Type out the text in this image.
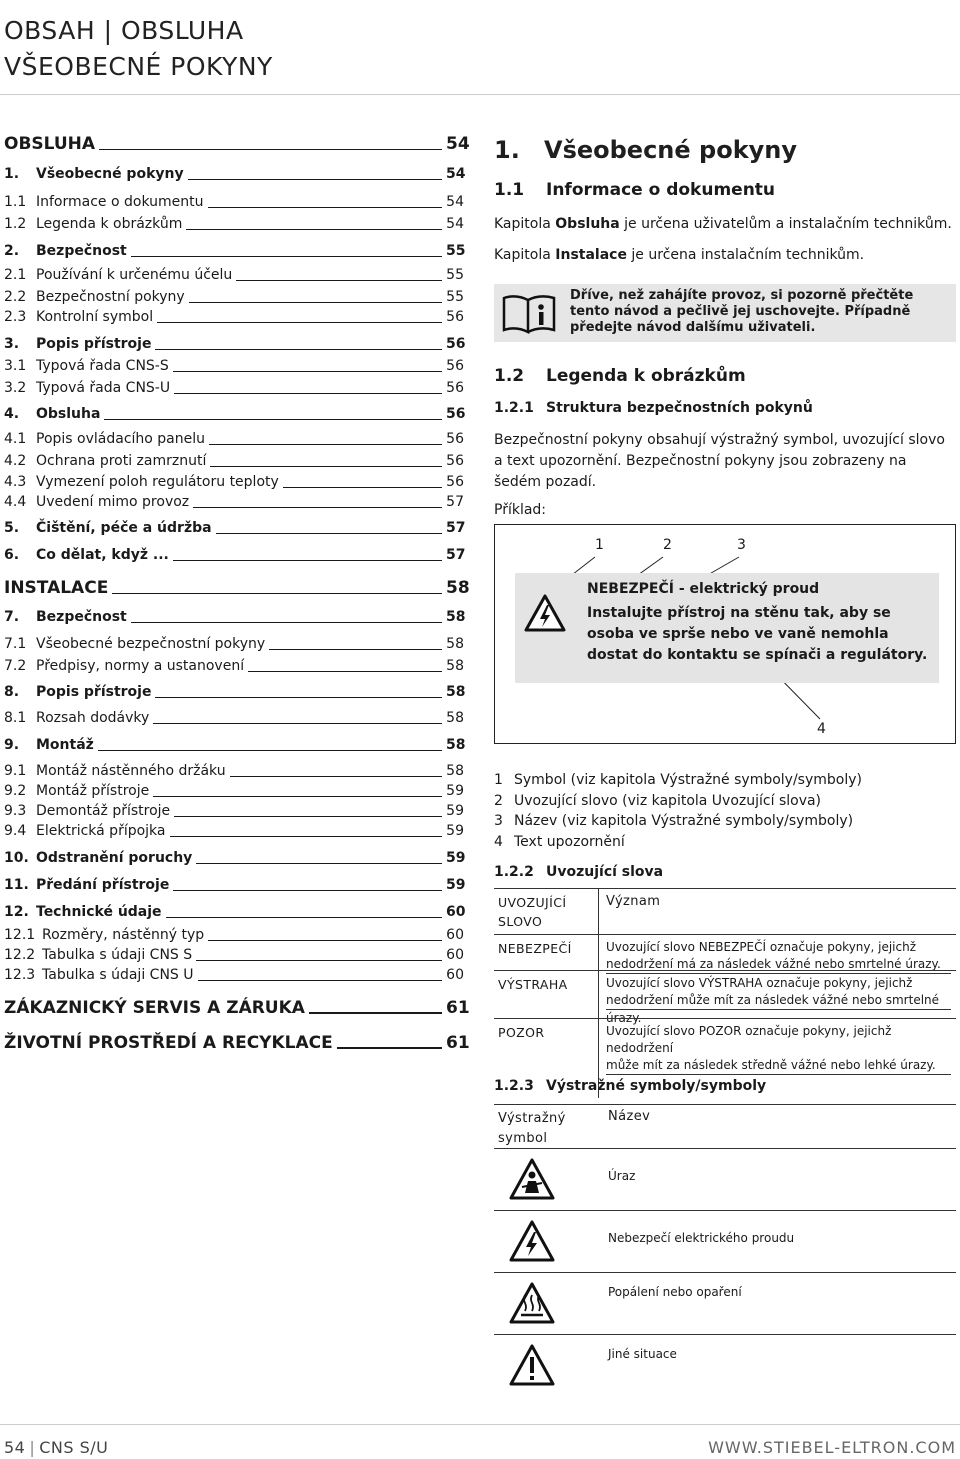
OBSAH | OBSLUHA
VŠEOBECNÉ POKYNY
OBSLUHA	54
1.	Všeobecné pokyny	54
1.1 Informace o dokumentu	54
1.2 Legenda k obrázkům	54
2.	Bezpečnost	55
2.1 Používání k určenému účelu	55
2.2 Bezpečnostní pokyny	55
2.3 Kontrolní symbol	56
3.	Popis přístroje	56
3.1 Typová řada CNS-S	56
3.2 Typová řada CNS-U	56
4.	Obsluha	56
4.1 Popis ovládacího panelu	56
4.2 Ochrana proti zamrznutí	56
4.3 Vymezení poloh regulátoru teploty	56
4.4 Uvedení mimo provoz	57
5.	Čištění, péče a údržba	57
6.	Co dělat, když ...	57
INSTALACE	58
7.	Bezpečnost	58
7.1 Všeobecné bezpečnostní pokyny	58
7.2 Předpisy, normy a ustanovení	58
8.	Popis přístroje	58
8.1 Rozsah dodávky	58
9.	Montáž	58
9.1 Montáž nástěnného držáku	58
9.2 Montáž přístroje	59
9.3 Demontáž přístroje	59
9.4 Elektrická přípojka	59
10. Odstranění poruchy	59
11. Předání přístroje	59
12. Technické údaje	60
12.1 Rozměry, nástěnný typ	60
12.2 Tabulka s údaji CNS S	60
12.3 Tabulka s údaji CNS U	60
ZÁKAZNICKÝ SERVIS A ZÁRUKA	61
ŽIVOTNÍ PROSTŘEDÍ A RECYKLACE	61
1. Všeobecné pokyny
1.1 Informace o dokumentu
Kapitola Obsluha je určena uživatelům a instalačním technikům.
Kapitola Instalace je určena instalačním technikům.
Dříve, než zahájíte provoz, si pozorně přečtěte tento návod a pečlivě jej uschovejte. Případně předejte návod dalšímu uživateli.
1.2 Legenda k obrázkům
1.2.1 Struktura bezpečnostních pokynů
Bezpečnostní pokyny obsahují výstražný symbol, uvozující slovo a text upozornění. Bezpečnostní pokyny jsou zobrazeny na šedém pozadí.
Příklad:
1	2	3
4
NEBEZPEČÍ - elektrický proud
Instalujte přístroj na stěnu tak, aby se osoba ve sprše nebo ve vaně nemohla dostat do kontaktu se spínači a regulátory.
1 Symbol (viz kapitola Výstražné symboly/symboly)
2 Uvozující slovo (viz kapitola Uvozující slova)
3 Název (viz kapitola Výstražné symboly/symboly)
4 Text upozornění
1.2.2 Uvozující slova
UVOZUJÍCÍ SLOVO
Význam
NEBEZPEČÍ	Uvozující slovo NEBEZPEČÍ označuje pokyny, jejichž
nedodržení má za následek vážné nebo smrtelné úrazy.
VÝSTRAHA	Uvozující slovo VÝSTRAHA označuje pokyny, jejichž
nedodržení může mít za následek vážné nebo smrtelné
úrazy.
POZOR	Uvozující slovo POZOR označuje pokyny, jejichž nedodržení
může mít za následek středně vážné nebo lehké úrazy.
1.2.3 Výstražné symboly/symboly
Výstražný symbol
Název
Úraz
Nebezpečí elektrického proudu
Popálení nebo opaření
Jiné situace
54 | CNS S/U	WWW.STIEBEL-ELTRON.COM
